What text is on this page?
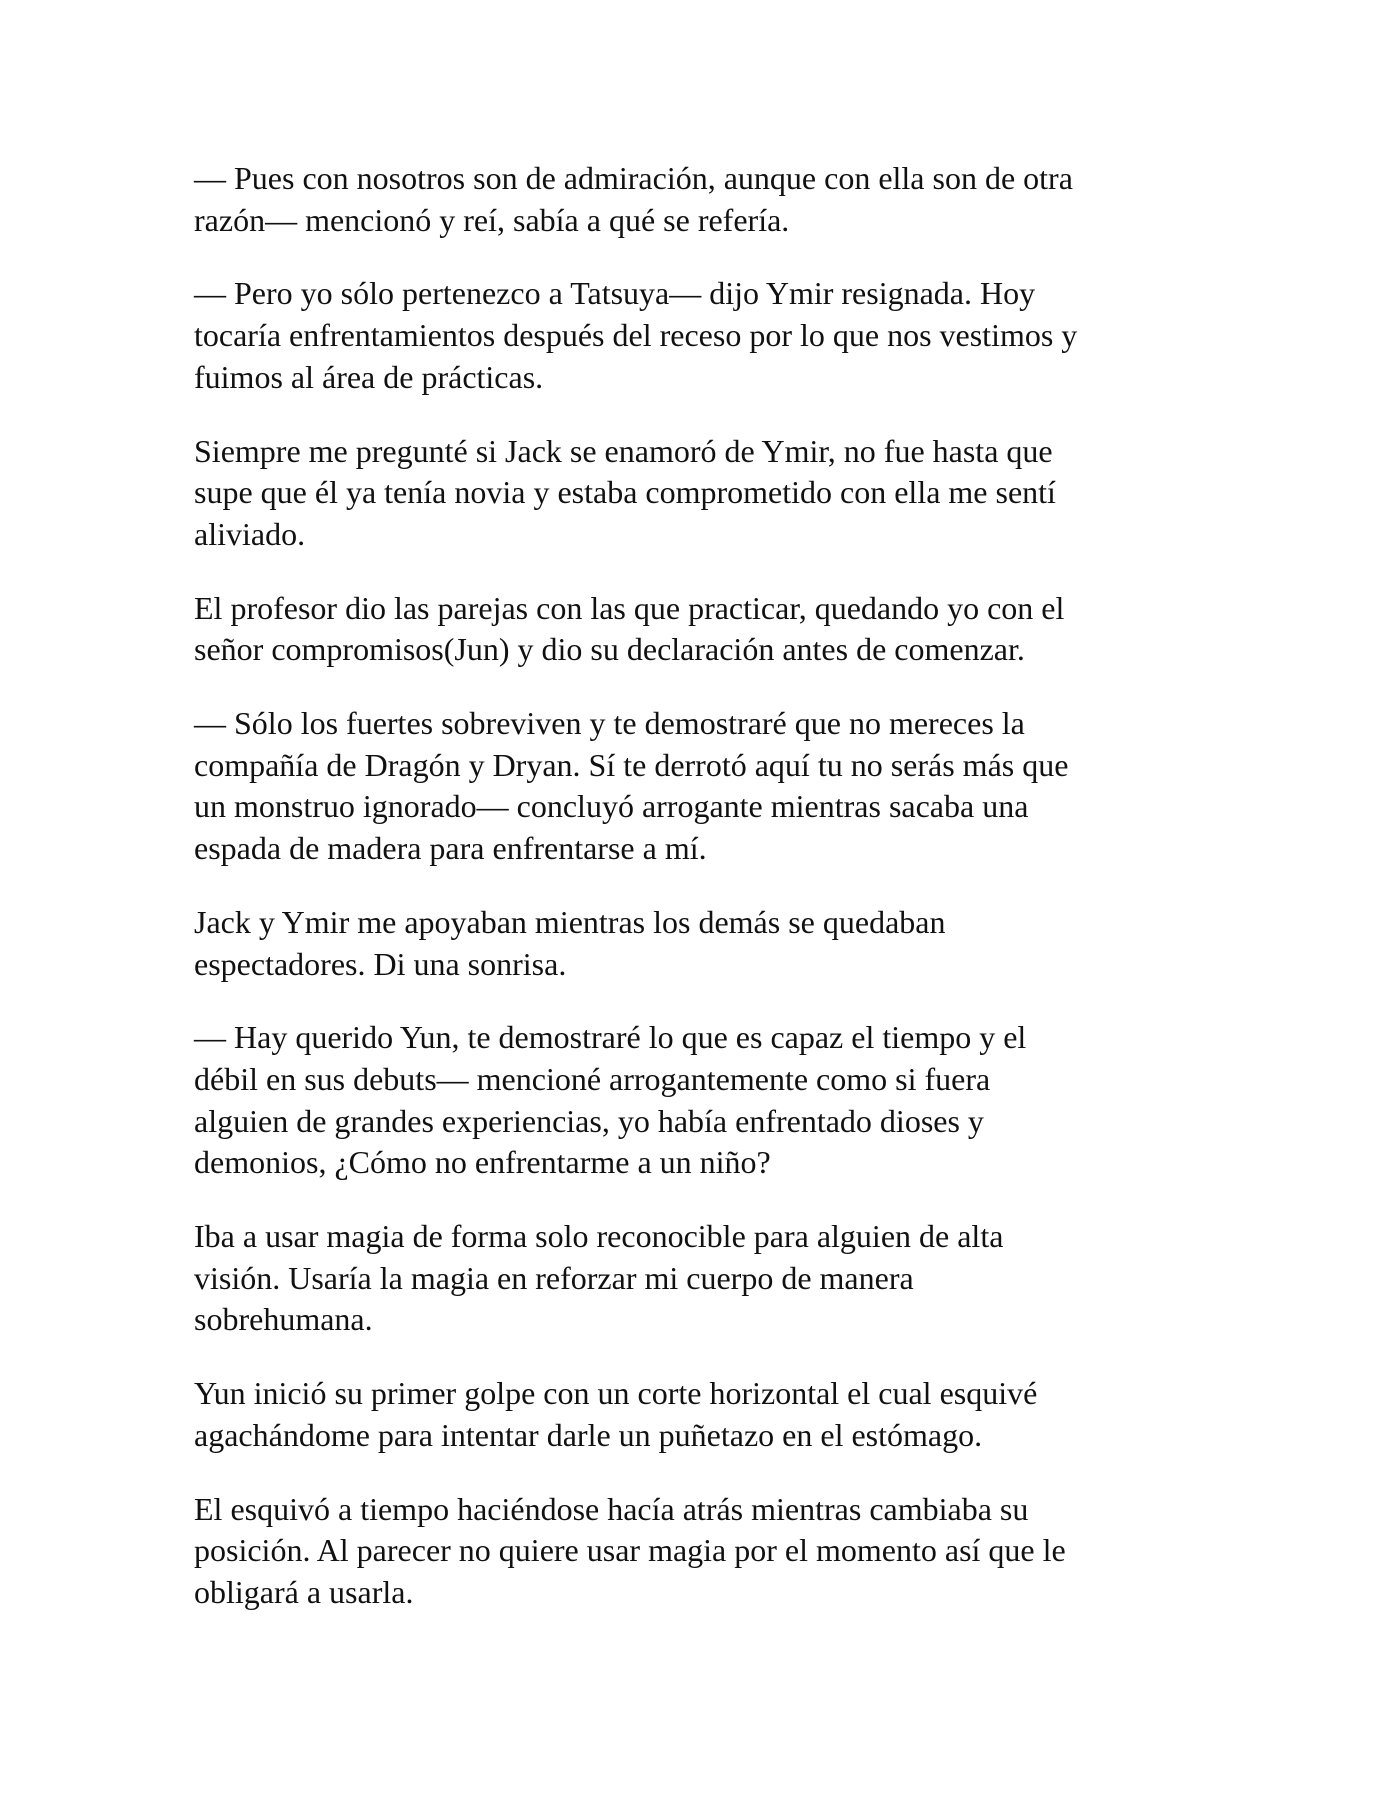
— Pues con nosotros son de admiración, aunque con ella son de otra
razón— mencionó y reí, sabía a qué se refería.

— Pero yo sólo pertenezco a Tatsuya— dijo Ymir resignada. Hoy
tocaría enfrentamientos después del receso por lo que nos vestimos y
fuimos al área de prácticas.

Siempre me pregunté si Jack se enamoró de Ymir, no fue hasta que
supe que él ya tenía novia y estaba comprometido con ella me sentí
aliviado.

El profesor dio las parejas con las que practicar, quedando yo con el
señor compromisos(Jun) y dio su declaración antes de comenzar.

— Sólo los fuertes sobreviven y te demostraré que no mereces la
compañía de Dragón y Dryan. Sí te derrotó aquí tu no serás más que
un monstruo ignorado— concluyó arrogante mientras sacaba una
espada de madera para enfrentarse a mí.

Jack y Ymir me apoyaban mientras los demás se quedaban
espectadores. Di una sonrisa.

— Hay querido Yun, te demostraré lo que es capaz el tiempo y el
débil en sus debuts— mencioné arrogantemente como si fuera
alguien de grandes experiencias, yo había enfrentado dioses y
demonios, ¿Cómo no enfrentarme a un niño?

Iba a usar magia de forma solo reconocible para alguien de alta
visión. Usaría la magia en reforzar mi cuerpo de manera
sobrehumana.

Yun inició su primer golpe con un corte horizontal el cual esquivé
agachándome para intentar darle un puñetazo en el estómago.

El esquivó a tiempo haciéndose hacía atrás mientras cambiaba su
posición. Al parecer no quiere usar magia por el momento así que le
obligará a usarla.
